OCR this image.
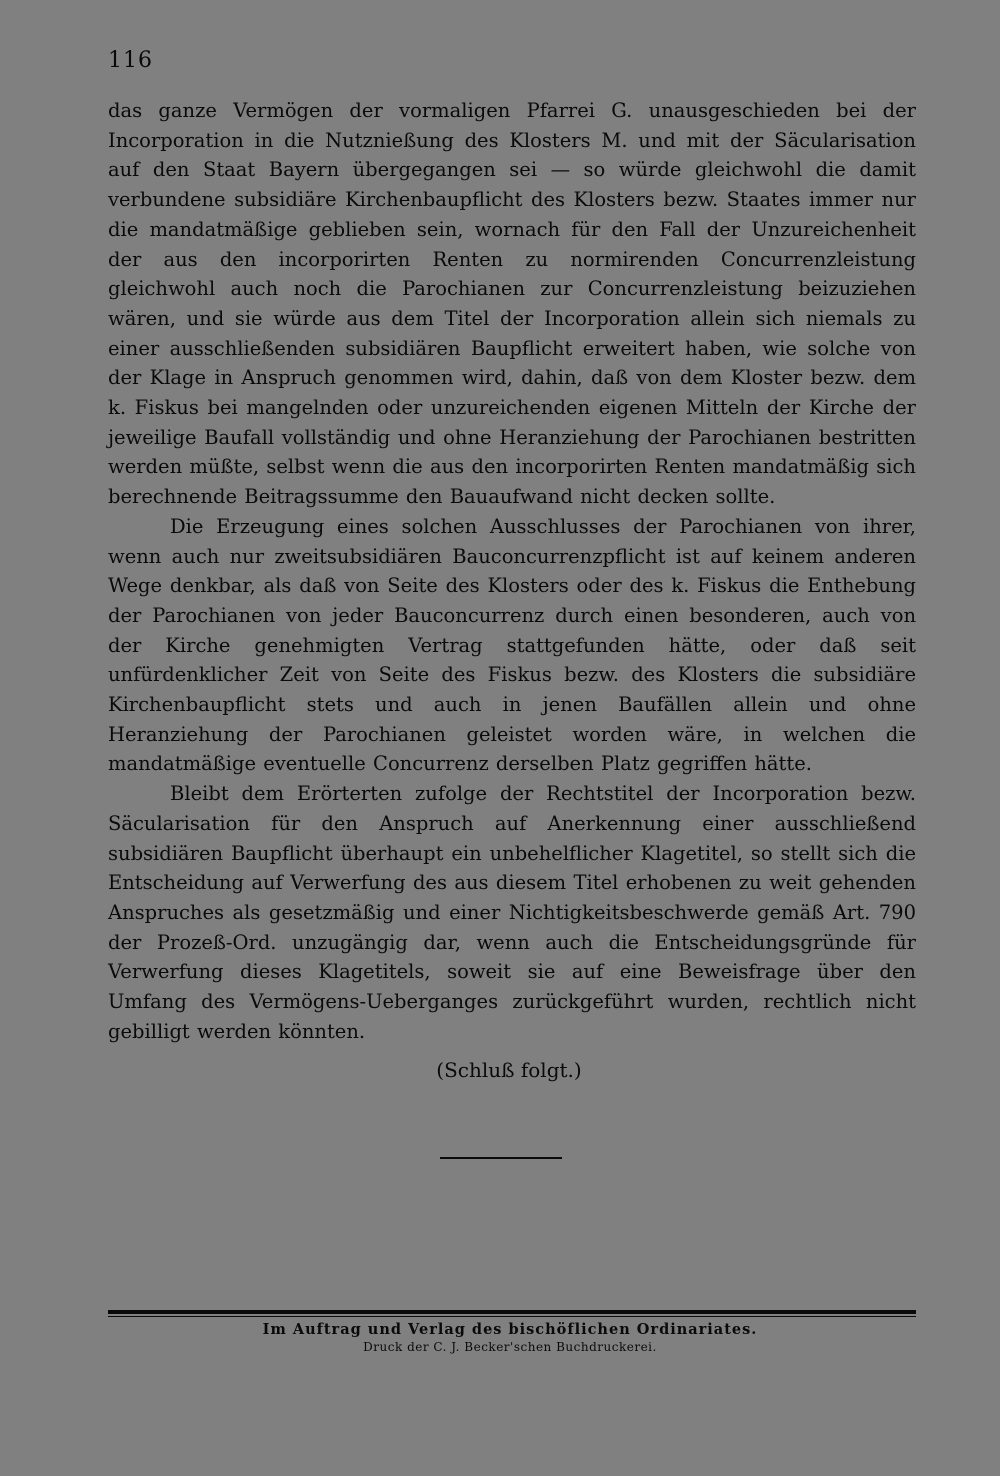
116

das ganze Vermögen der vormaligen Pfarrei G. unausgeschieden bei der Incorporation in die Nutznießung des Klosters M. und mit der Säcularisation auf den Staat Bayern übergegangen sei — so würde gleichwohl die damit verbundene subsidiäre Kirchenbaupflicht des Klosters bezw. Staates immer nur die mandatmäßige geblieben sein, wornach für den Fall der Unzureichenheit der aus den incorporirten Renten zu normirenden Concurrenzleistung gleichwohl auch noch die Parochianen zur Concurrenzleistung beizuziehen wären, und sie würde aus dem Titel der Incorporation allein sich niemals zu einer ausschließenden subsidiären Baupflicht erweitert haben, wie solche von der Klage in Anspruch genommen wird, dahin, daß von dem Kloster bezw. dem k. Fiskus bei mangelnden oder unzureichenden eigenen Mitteln der Kirche der jeweilige Baufall vollständig und ohne Heranziehung der Parochianen bestritten werden müßte, selbst wenn die aus den incorporirten Renten mandatmäßig sich berechnende Beitragssumme den Bauaufwand nicht decken sollte.

Die Erzeugung eines solchen Ausschlusses der Parochianen von ihrer, wenn auch nur zweitsubsidiären Bauconcurrenzpflicht ist auf keinem anderen Wege denkbar, als daß von Seite des Klosters oder des k. Fiskus die Enthebung der Parochianen von jeder Bauconcurrenz durch einen besonderen, auch von der Kirche genehmigten Vertrag stattgefunden hätte, oder daß seit unfürdenklicher Zeit von Seite des Fiskus bezw. des Klosters die subsidiäre Kirchenbaupflicht stets und auch in jenen Baufällen allein und ohne Heranziehung der Parochianen geleistet worden wäre, in welchen die mandatmäßige eventuelle Concurrenz derselben Platz gegriffen hätte.

Bleibt dem Erörterten zufolge der Rechtstitel der Incorporation bezw. Säcularisation für den Anspruch auf Anerkennung einer ausschließend subsidiären Baupflicht überhaupt ein unbehelflicher Klagetitel, so stellt sich die Entscheidung auf Verwerfung des aus diesem Titel erhobenen zu weit gehenden Anspruches als gesetzmäßig und einer Nichtigkeitsbeschwerde gemäß Art. 790 der Prozeß-Ord. unzugängig dar, wenn auch die Entscheidungsgründe für Verwerfung dieses Klagetitels, soweit sie auf eine Beweisfrage über den Umfang des Vermögens-Ueberganges zurückgeführt wurden, rechtlich nicht gebilligt werden könnten.

(Schluß folgt.)

Im Auftrag und Verlag des bischöflichen Ordinariates.

Druck der C. J. Becker'schen Buchdruckerei.
